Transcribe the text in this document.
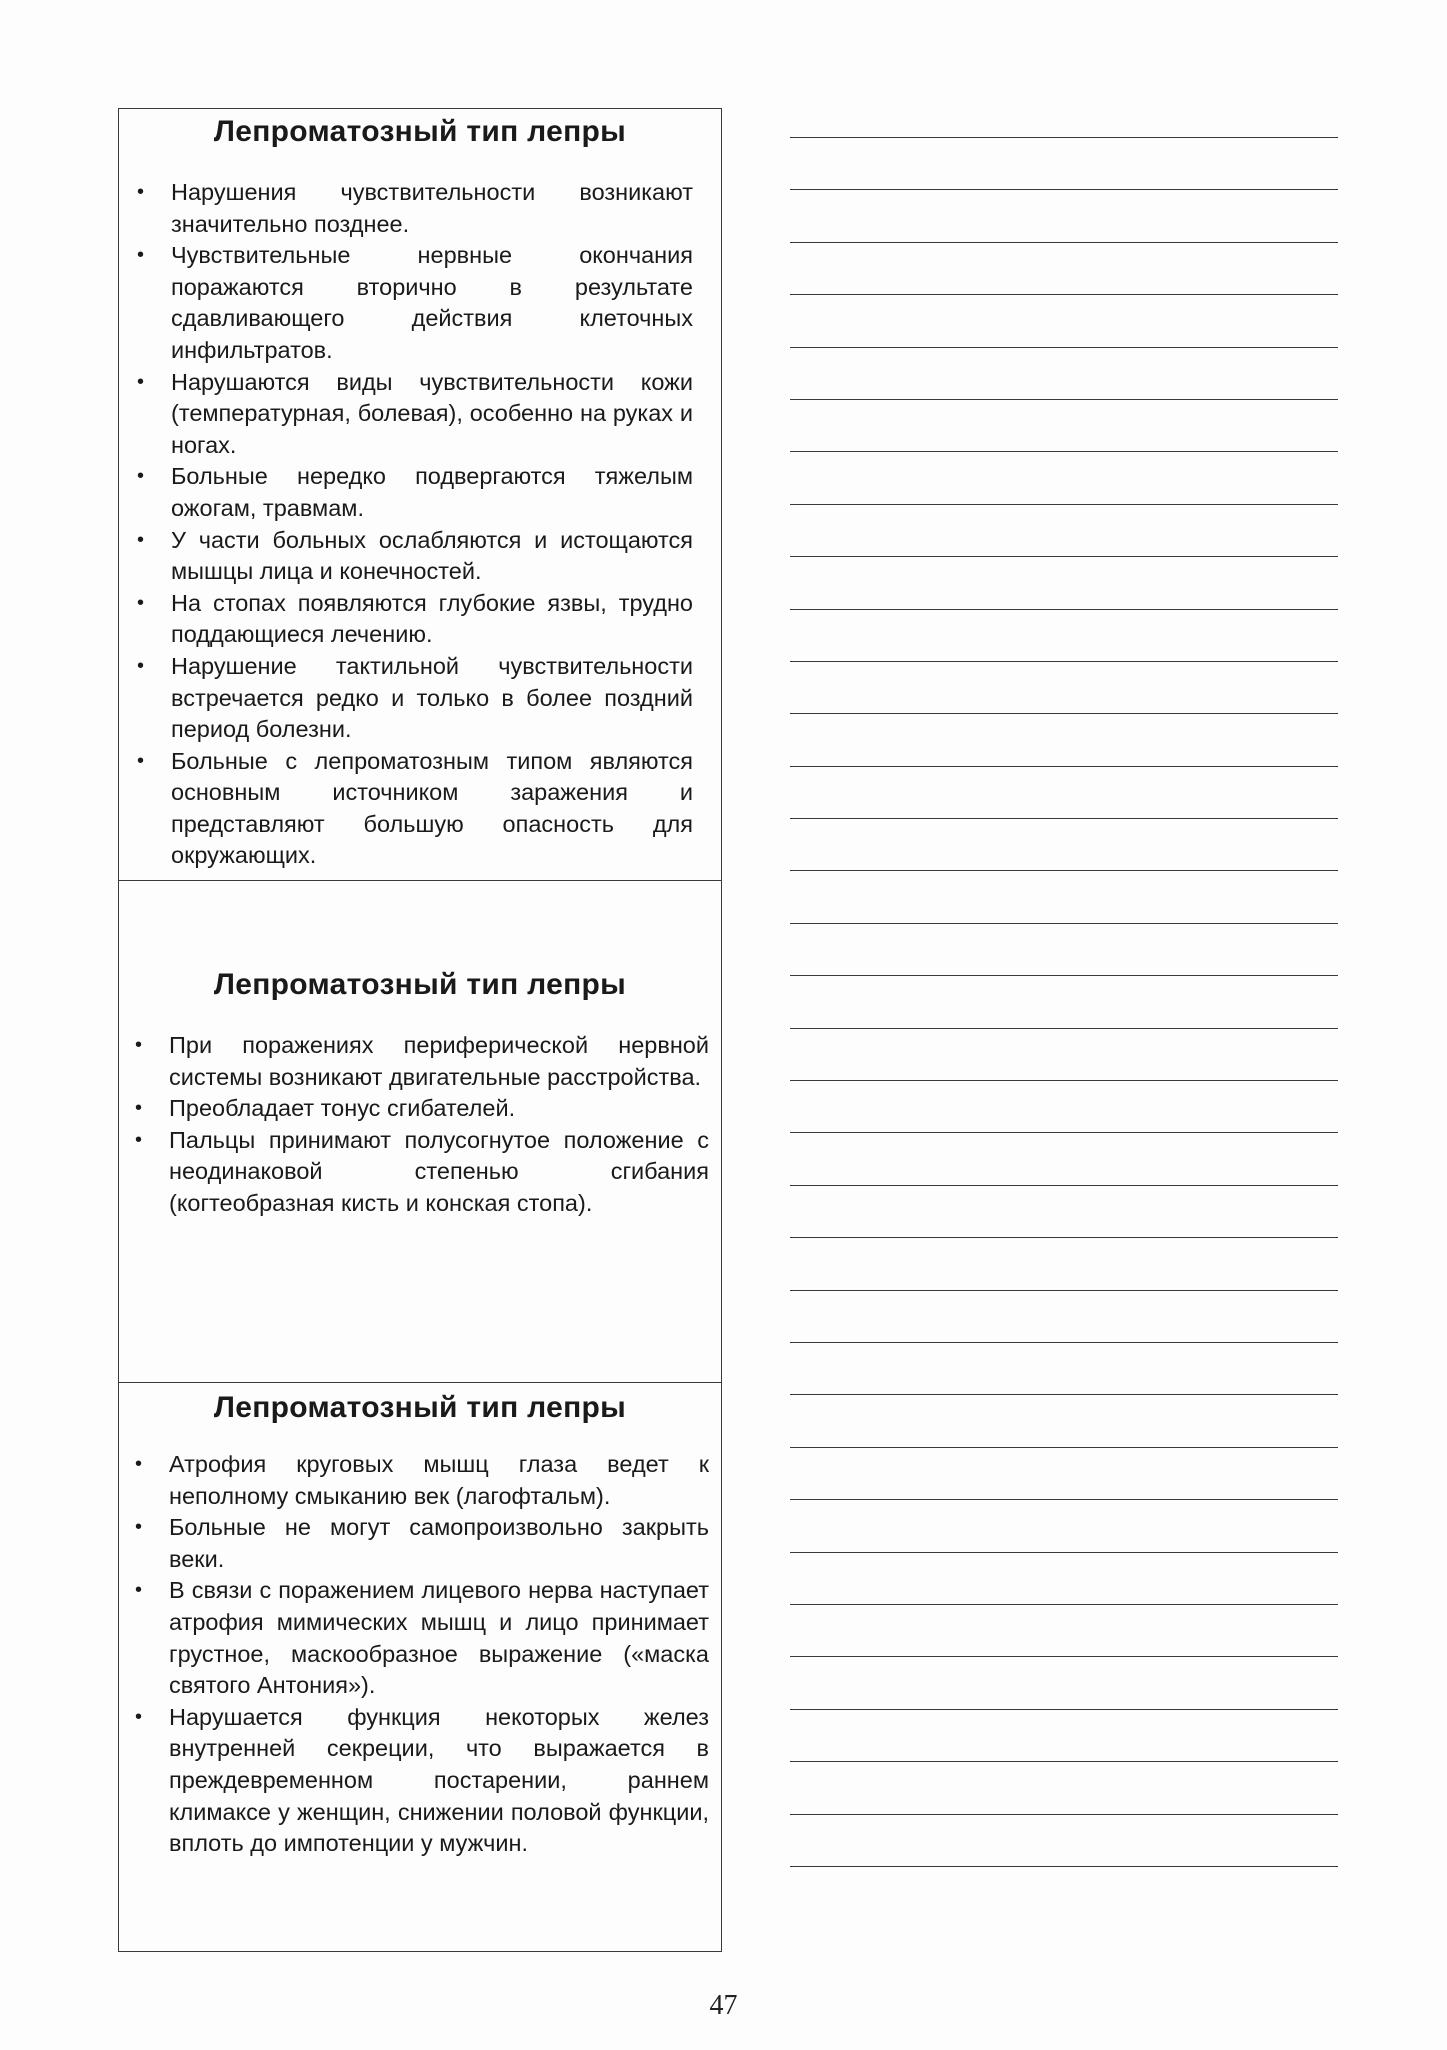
Лепроматозный тип лепры
• Нарушения чувствительности возникают значительно позднее.
• Чувствительные нервные окончания поражаются вторично в результате сдавливающего действия клеточных инфильтратов.
• Нарушаются виды чувствительности кожи (температурная, болевая), особенно на руках и ногах.
• Больные нередко подвергаются тяжелым ожогам, травмам.
• У части больных ослабляются и истощаются мышцы лица и конечностей.
• На стопах появляются глубокие язвы, трудно поддающиеся лечению.
• Нарушение тактильной чувствительности встречается редко и только в более поздний период болезни.
• Больные с лепроматозным типом являются основным источником заражения и представляют большую опасность для окружающих.
Лепроматозный тип лепры
• При поражениях периферической нервной системы возникают двигательные расстройства.
• Преобладает тонус сгибателей.
• Пальцы принимают полусогнутое положение с неодинаковой степенью сгибания (когтеобразная кисть и конская стопа).
Лепроматозный тип лепры
• Атрофия круговых мышц глаза ведет к неполному смыканию век (лагофтальм).
• Больные не могут самопроизвольно закрыть веки.
• В связи с поражением лицевого нерва наступает атрофия мимических мышц и лицо принимает грустное, маскообразное выражение («маска святого Антония»).
• Нарушается функция некоторых желез внутренней секреции, что выражается в преждевременном постарении, раннем климаксе у женщин, снижении половой функции, вплоть до импотенции у мужчин.
47
